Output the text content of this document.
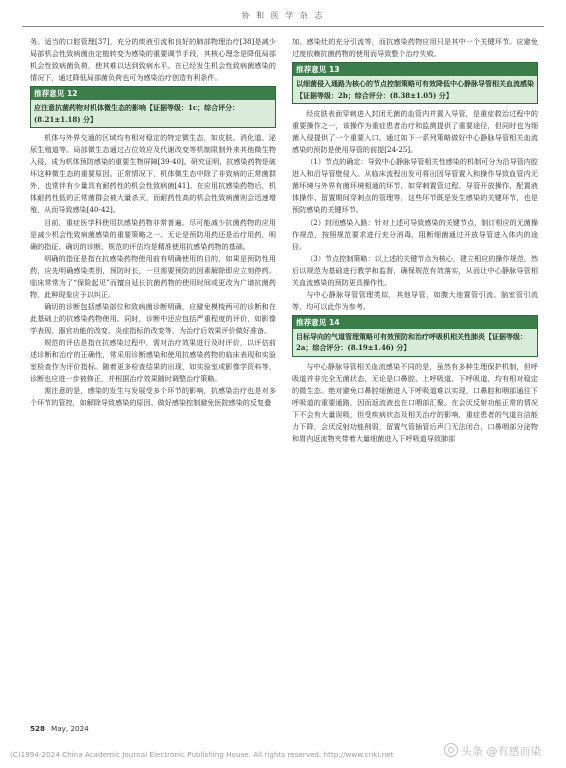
协 和 医 学 杂 志

务。适当的口腔管理[37]，充分的痰液引流和良好的肺部物理治疗[38]是减少局部机会性致病菌由定植转变为感染的重要调节手段，其核心理念是降低局部机会性致病菌负荷，使其难以达到致病水平。在已经发生机会性致病菌感染的情况下，通过降低局部菌负荷也可为感染治疗创造有利条件。

推荐意见 12
应注意抗菌药物对机体微生态的影响【证据等级：1c；综合评分：(8.21±1.18) 分】

机体与外界交通的区域均有相对稳定的特定微生态，如皮肤、消化道、泌尿生殖道等。局部微生态通过占位效应及代谢改变等机制限制外来其他微生物入侵，成为机体预防感染的重要生物屏障[39-40]。研究证明，抗感染药物是破坏这种微生态的重要原因。正常情况下，机体微生态中除了非致病的正常菌群外，也常伴有少量具有耐药性的机会性致病菌[41]。在应用抗感染药物后，机体耐药性低的正常菌群会被大量杀灭，而耐药性高的机会性致病菌则会迅速增殖，从而导致感染[40-42]。

目前，重症医学科使用抗感染药物非常普遍。尽可能减少抗菌药物的应用是减少机会性致病菌感染的重要策略之一。无论是预防用药还是治疗用药，明确的指征、确切的诊断、规范的评估均是精准使用抗感染药物的基础。

明确的指征是指在抗感染药物使用前有明确使用的目的，如果是预防性用药，应先明确感染类别，预防时长，一旦需要预防的因素解除即应立刻停药。临床常常为了“保险起见”而擅自延长抗菌药物的使用时间或更改为广谱抗菌药物，此种现象应予以纠正。

确切的诊断包括感染部位和致病菌诊断明确，应避免模棱两可的诊断和在此基础上的抗感染药物使用。同时，诊断中还应包括严重程度的评价，如影像学表现、器官功能的改变、炎症指标的改变等，为治疗后效果评价做好准备。

规范的评估是指在抗感染过程中，需对治疗效果进行及时评价，以评估前述诊断和治疗的正确性，常采用诊断感染和使用抗感染药物的临床表现和实验室检查作为评价指标。随着更多检查结果的出现，如实验室或影像学资料等，诊断也应进一步被修正，并根据治疗效果随时调整治疗策略。

需注意的是，感染的发生与发展受多个环节的影响，抗感染治疗也是对多个环节的管控，如解除导致感染的原因、做好感染控制避免医院感染的反复叠

加、感染灶的充分引流等，而抗感染药物应用只是其中一个关键环节。应避免过度依赖抗菌药物的使用而导致整个治疗失败。

推荐意见 13
以细菌侵入通路为核心的节点控制策略可有效降低中心静脉导管相关血流感染【证据等级：2b；综合评分：(8.38±1.05) 分】

经皮肤表面穿刺进入封闭无菌的血管内并置入导管，是重症救治过程中的重要操作之一，该操作为重症患者治疗和监测提供了重要途径，但同时也为细菌入侵提供了一个重要入口。通过如下一系列策略做好中心静脉导管相关血流感染的预防是使用导管的前提[24-25]。

（1）节点的确定：导致中心静脉导管相关性感染的机制可分为沿导管内腔进入和沿导管壁侵入。从临床流程出发可将出因导管置入和操作导致血管内无菌环境与外界有菌环境相通的环节，如穿刺置管过程、导管开放操作、配置液体操作、留置期间穿刺点的管理等，这些环节既是发生感染的关键环节，也是预防感染的关键环节。

（2）封闭感染入路：针对上述可导致感染的关键节点，制订相应的无菌操作规范，按照规范要求进行充分消毒，阻断细菌通过开放导管进入体内的途径。

（3）节点控制策略：以上述的关键节点为核心，建立相应的操作规范，然后以规范为基础进行教学和监督，确保规范有效落实，从而让中心静脉导管相关血流感染的预防更具操作性。

与中心静脉导管管理类似，其他导管，如腹大池置管引流、脑室管引流等，均可以此作为参考。

推荐意见 14
目标导向的气道管理策略可有效预防和治疗呼吸机相关性肺炎【证据等级：2a；综合评分：(8.19±1.46) 分】

与中心静脉导管相关血流感染不同的是，虽然有多种生理保护机制，但呼吸道并非完全无菌状态，无论是口鼻腔、上呼吸道、下呼吸道，均有相对稳定的微生态。绝对避免口鼻腔细菌进入下呼吸道难以实现，口鼻腔和咽部通往下呼吸道的重要通路，因而返流液也在口咽部汇聚。在会厌反射功能正常的情况下不会有大量误吸，但受疾病状态及相关治疗的影响，重症患者的气道自洁能力下降，会厌反射功能削弱，留置气管插管后声门无法闭合，口鼻咽部分泌物和胃内返流物夹带着大量细菌进入下呼吸道导致肺部

528 May, 2024
(C)1994-2024 China Academic Journal Electronic Publishing House. All rights reserved. http://www.cnki.net	头条 @有感而染
